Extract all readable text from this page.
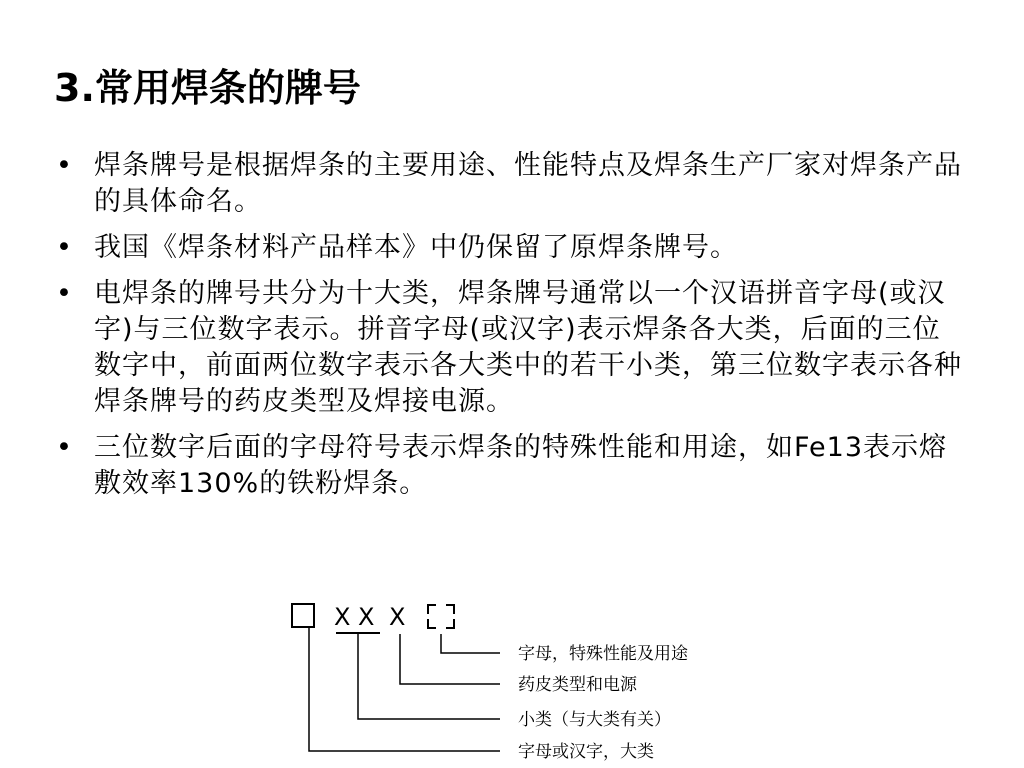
3.常用焊条的牌号
• 焊条牌号是根据焊条的主要用途、性能特点及焊条生产厂家对焊条产品的具体命名。
• 我国《焊条材料产品样本》中仍保留了原焊条牌号。
• 电焊条的牌号共分为十大类，焊条牌号通常以一个汉语拼音字母(或汉字)与三位数字表示。拼音字母(或汉字)表示焊条各大类，后面的三位数字中，前面两位数字表示各大类中的若干小类，第三位数字表示各种焊条牌号的药皮类型及焊接电源。
• 三位数字后面的字母符号表示焊条的特殊性能和用途，如Fe13表示熔敷效率130%的铁粉焊条。
X X X
字母，特殊性能及用途
药皮类型和电源
小类（与大类有关）
字母或汉字，大类
